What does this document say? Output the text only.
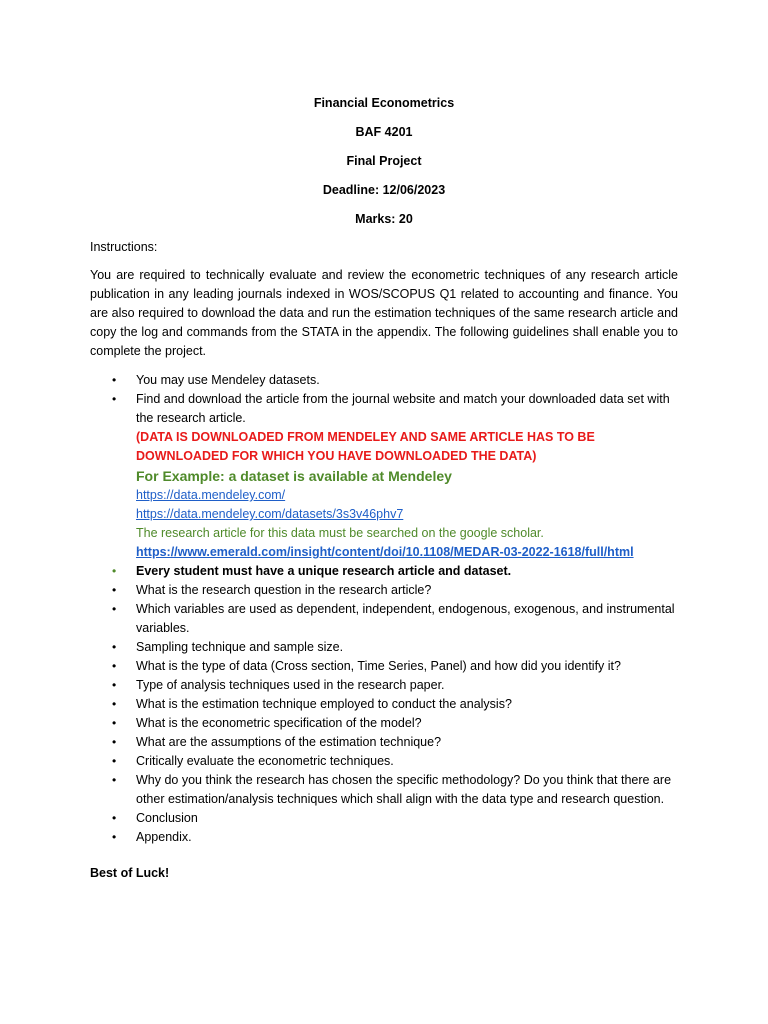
Financial Econometrics
BAF 4201
Final Project
Deadline: 12/06/2023
Marks: 20
Instructions:
You are required to technically evaluate and review the econometric techniques of any research article publication in any leading journals indexed in WOS/SCOPUS Q1 related to accounting and finance. You are also required to download the data and run the estimation techniques of the same research article and copy the log and commands from the STATA in the appendix. The following guidelines shall enable you to complete the project.
• You may use Mendeley datasets.
• Find and download the article from the journal website and match your downloaded data set with the research article.
(DATA IS DOWNLOADED FROM MENDELEY AND SAME ARTICLE HAS TO BE DOWNLOADED FOR WHICH YOU HAVE DOWNLOADED THE DATA)
For Example: a dataset is available at Mendeley
https://data.mendeley.com/
https://data.mendeley.com/datasets/3s3v46phv7
The research article for this data must be searched on the google scholar.
https://www.emerald.com/insight/content/doi/10.1108/MEDAR-03-2022-1618/full/html
• Every student must have a unique research article and dataset.
• What is the research question in the research article?
• Which variables are used as dependent, independent, endogenous, exogenous, and instrumental variables.
• Sampling technique and sample size.
• What is the type of data (Cross section, Time Series, Panel) and how did you identify it?
• Type of analysis techniques used in the research paper.
• What is the estimation technique employed to conduct the analysis?
• What is the econometric specification of the model?
• What are the assumptions of the estimation technique?
• Critically evaluate the econometric techniques.
• Why do you think the research has chosen the specific methodology? Do you think that there are other estimation/analysis techniques which shall align with the data type and research question.
• Conclusion
• Appendix.
Best of Luck!
